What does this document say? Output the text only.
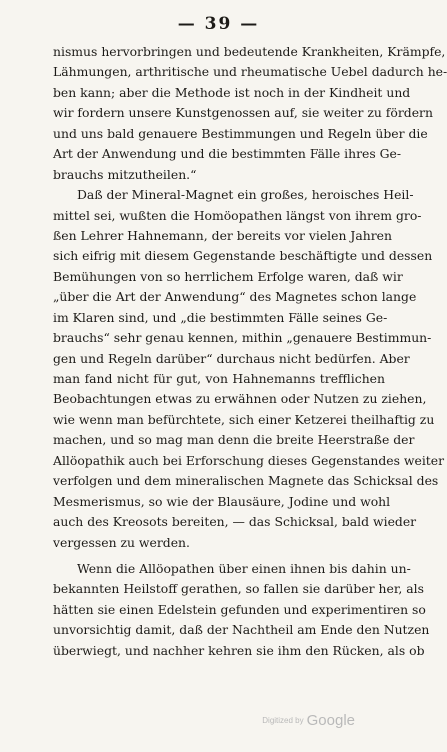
— 39 —
nismus hervorbringen und bedeutende Krankheiten, Krämpfe,
Lähmungen, arthritische und rheumatische Uebel dadurch he-
ben kann; aber die Methode ist noch in der Kindheit und
wir fordern unsere Kunstgenossen auf, sie weiter zu fördern
und uns bald genauere Bestimmungen und Regeln über die
Art der Anwendung und die bestimmten Fälle ihres Ge-
brauchs mitzutheilen.“
Daß der Mineral-Magnet ein großes, heroisches Heil-
mittel sei, wußten die Homöopathen längst von ihrem gro-
ßen Lehrer Hahnemann, der bereits vor vielen Jahren
sich eifrig mit diesem Gegenstande beschäftigte und dessen
Bemühungen von so herrlichem Erfolge waren, daß wir
„über die Art der Anwendung“ des Magnetes schon lange
im Klaren sind, und „die bestimmten Fälle seines Ge-
brauchs“ sehr genau kennen, mithin „genauere Bestimmun-
gen und Regeln darüber“ durchaus nicht bedürfen. Aber
man fand nicht für gut, von Hahnemanns trefflichen
Beobachtungen etwas zu erwähnen oder Nutzen zu ziehen,
wie wenn man befürchtete, sich einer Ketzerei theilhaftig zu
machen, und so mag man denn die breite Heerstraße der
Allöopathik auch bei Erforschung dieses Gegenstandes weiter
verfolgen und dem mineralischen Magnete das Schicksal des
Mesmerismus, so wie der Blausäure, Jodine und wohl
auch des Kreosots bereiten, — das Schicksal, bald wieder
vergessen zu werden.
Wenn die Allöopathen über einen ihnen bis dahin un-
bekannten Heilstoff gerathen, so fallen sie darüber her, als
hätten sie einen Edelstein gefunden und experimentiren so
unvorsichtig damit, daß der Nachtheil am Ende den Nutzen
überwiegt, und nachher kehren sie ihm den Rücken, als ob
Digitized by Google
